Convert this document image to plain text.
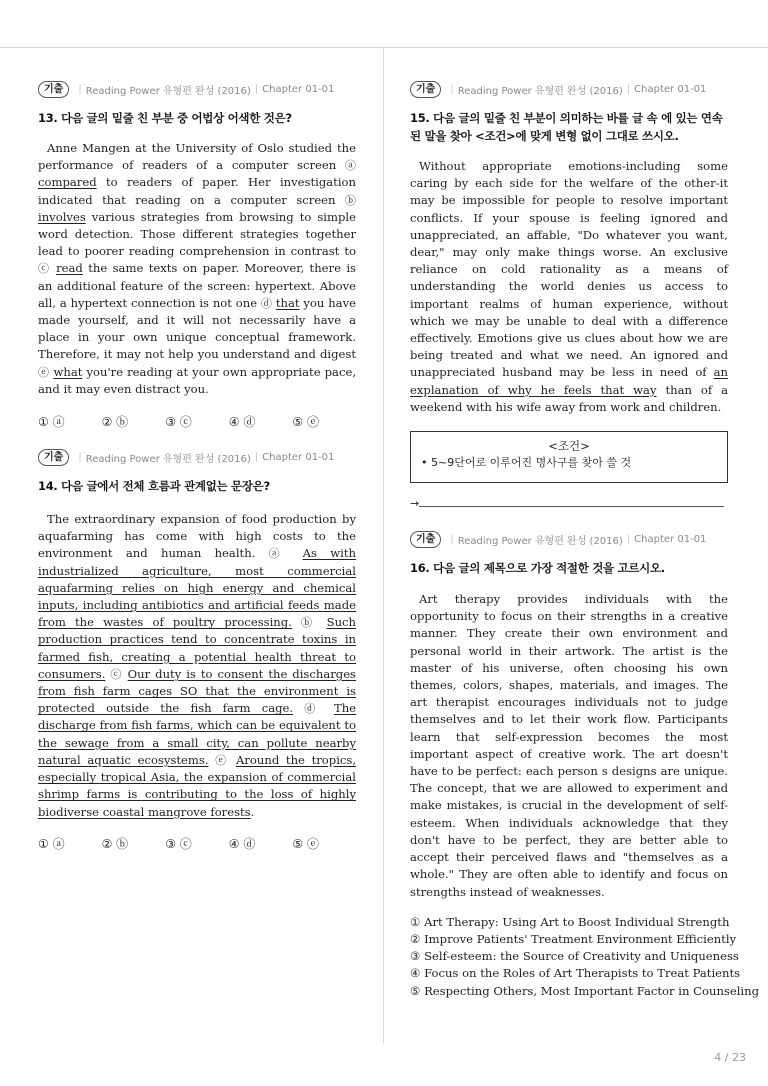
기출	| Reading Power 유형편 완성 (2016) | Chapter 01-01
13. 다음 글의 밑줄 친 부분 중 어법상 어색한 것은?

Anne Mangen at the University of Oslo studied the performance of readers of a computer screen ⓐ compared to readers of paper. Her investigation indicated that reading on a computer screen ⓑ involves various strategies from browsing to simple word detection. Those different strategies together lead to poorer reading comprehension in contrast to ⓒ read the same texts on paper. Moreover, there is an additional feature of the screen: hypertext. Above all, a hypertext connection is not one ⓓ that you have made yourself, and it will not necessarily have a place in your own unique conceptual framework. Therefore, it may not help you understand and digest ⓔ what you're reading at your own appropriate pace, and it may even distract you.

① ⓐ	② ⓑ	③ ⓒ	④ ⓓ	⑤ ⓔ
기출	| Reading Power 유형편 완성 (2016) | Chapter 01-01
14. 다음 글에서 전체 흐름과 관계없는 문장은?

The extraordinary expansion of food production by aquafarming has come with high costs to the environment and human health. ⓐ As with industrialized agriculture, most commercial aquafarming relies on high energy and chemical inputs, including antibiotics and artificial feeds made from the wastes of poultry processing. ⓑ Such production practices tend to concentrate toxins in farmed fish, creating a potential health threat to consumers. ⓒ Our duty is to consent the discharges from fish farm cages SO that the environment is protected outside the fish farm cage. ⓓ The discharge from fish farms, which can be equivalent to the sewage from a small city, can pollute nearby natural aquatic ecosystems. ⓔ Around the tropics, especially tropical Asia, the expansion of commercial shrimp farms is contributing to the loss of highly biodiverse coastal mangrove forests.

① ⓐ	② ⓑ	③ ⓒ	④ ⓓ	⑤ ⓔ
기출	| Reading Power 유형편 완성 (2016) | Chapter 01-01
15. 다음 글의 밑줄 친 부분이 의미하는 바를 글 속 에 있는 연속된 말을 찾아 <조건>에 맞게 변형 없이 그대로 쓰시오.

Without appropriate emotions-including some caring by each side for the welfare of the other-it may be impossible for people to resolve important conflicts. If your spouse is feeling ignored and unappreciated, an affable, "Do whatever you want, dear," may only make things worse. An exclusive reliance on cold rationality as a means of understanding the world denies us access to important realms of human experience, without which we may be unable to deal with a difference effectively. Emotions give us clues about how we are being treated and what we need. An ignored and unappreciated husband may be less in need of an explanation of why he feels that way than of a weekend with his wife away from work and children.

<조건>
• 5~9단어로 이루어진 명사구를 찾아 쓸 것
→
기출	| Reading Power 유형편 완성 (2016) | Chapter 01-01
16. 다음 글의 제목으로 가장 적절한 것을 고르시오.

Art therapy provides individuals with the opportunity to focus on their strengths in a creative manner. They create their own environment and personal world in their artwork. The artist is the master of his universe, often choosing his own themes, colors, shapes, materials, and images. The art therapist encourages individuals not to judge themselves and to let their work flow. Participants learn that self-expression becomes the most important aspect of creative work. The art doesn't have to be perfect: each person s designs are unique. The concept, that we are allowed to experiment and make mistakes, is crucial in the development of self-esteem. When individuals acknowledge that they don't have to be perfect, they are better able to accept their perceived flaws and "themselves as a whole." They are often able to identify and focus on strengths instead of weaknesses.

① Art Therapy: Using Art to Boost Individual Strength
② Improve Patients' Treatment Environment Efficiently
③ Self-esteem: the Source of Creativity and Uniqueness
④ Focus on the Roles of Art Therapists to Treat Patients
⑤ Respecting Others, Most Important Factor in Counseling
4 / 23
